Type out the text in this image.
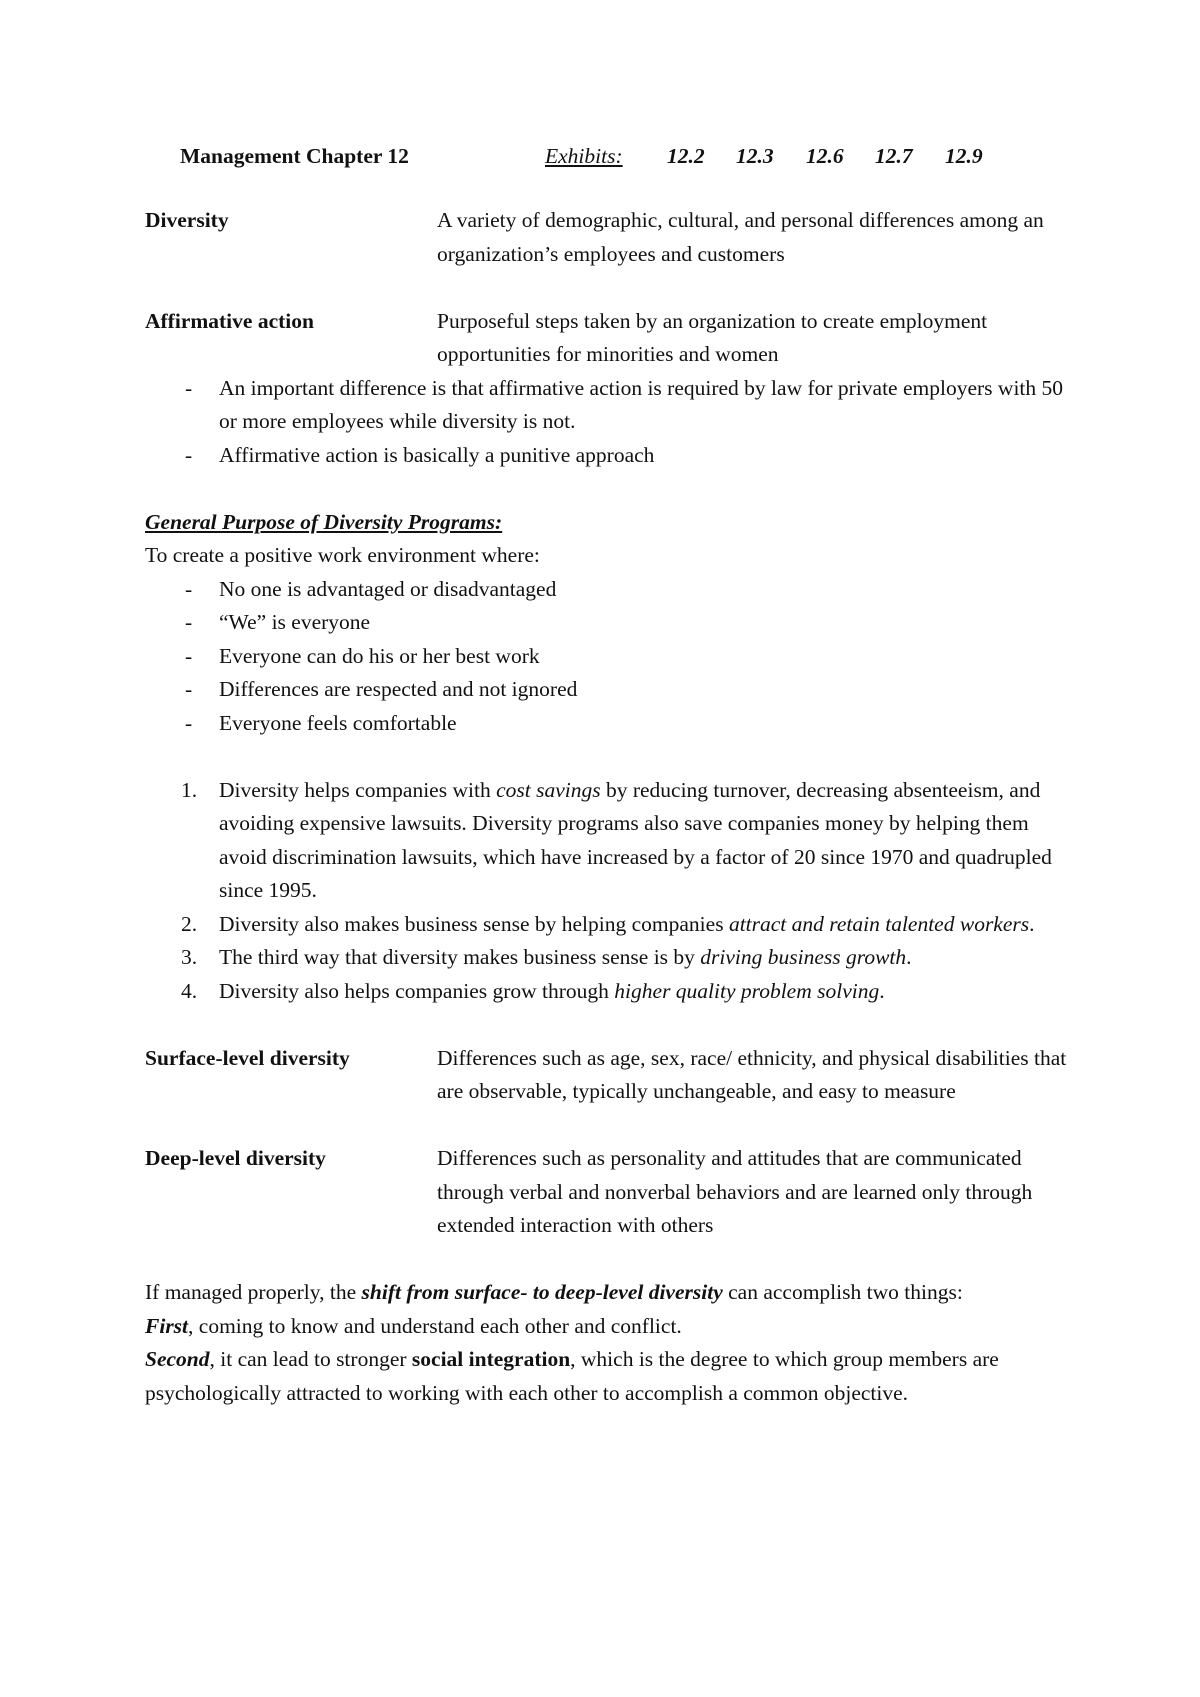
Management Chapter 12	Exhibits: 12.2 12.3 12.6 12.7 12.9
Diversity	A variety of demographic, cultural, and personal differences among an organization’s employees and customers
Affirmative action	Purposeful steps taken by an organization to create employment opportunities for minorities and women
- An important difference is that affirmative action is required by law for private employers with 50 or more employees while diversity is not.
- Affirmative action is basically a punitive approach
General Purpose of Diversity Programs:
To create a positive work environment where:
- No one is advantaged or disadvantaged
- “We” is everyone
- Everyone can do his or her best work
- Differences are respected and not ignored
- Everyone feels comfortable
1. Diversity helps companies with cost savings by reducing turnover, decreasing absenteeism, and avoiding expensive lawsuits. Diversity programs also save companies money by helping them avoid discrimination lawsuits, which have increased by a factor of 20 since 1970 and quadrupled since 1995.
2. Diversity also makes business sense by helping companies attract and retain talented workers.
3. The third way that diversity makes business sense is by driving business growth.
4. Diversity also helps companies grow through higher quality problem solving.
Surface-level diversity	Differences such as age, sex, race/ ethnicity, and physical disabilities that are observable, typically unchangeable, and easy to measure
Deep-level diversity	Differences such as personality and attitudes that are communicated through verbal and nonverbal behaviors and are learned only through extended interaction with others

If managed properly, the shift from surface- to deep-level diversity can accomplish two things:

First, coming to know and understand each other and conflict.

Second, it can lead to stronger social integration, which is the degree to which group members are psychologically attracted to working with each other to accomplish a common objective.
